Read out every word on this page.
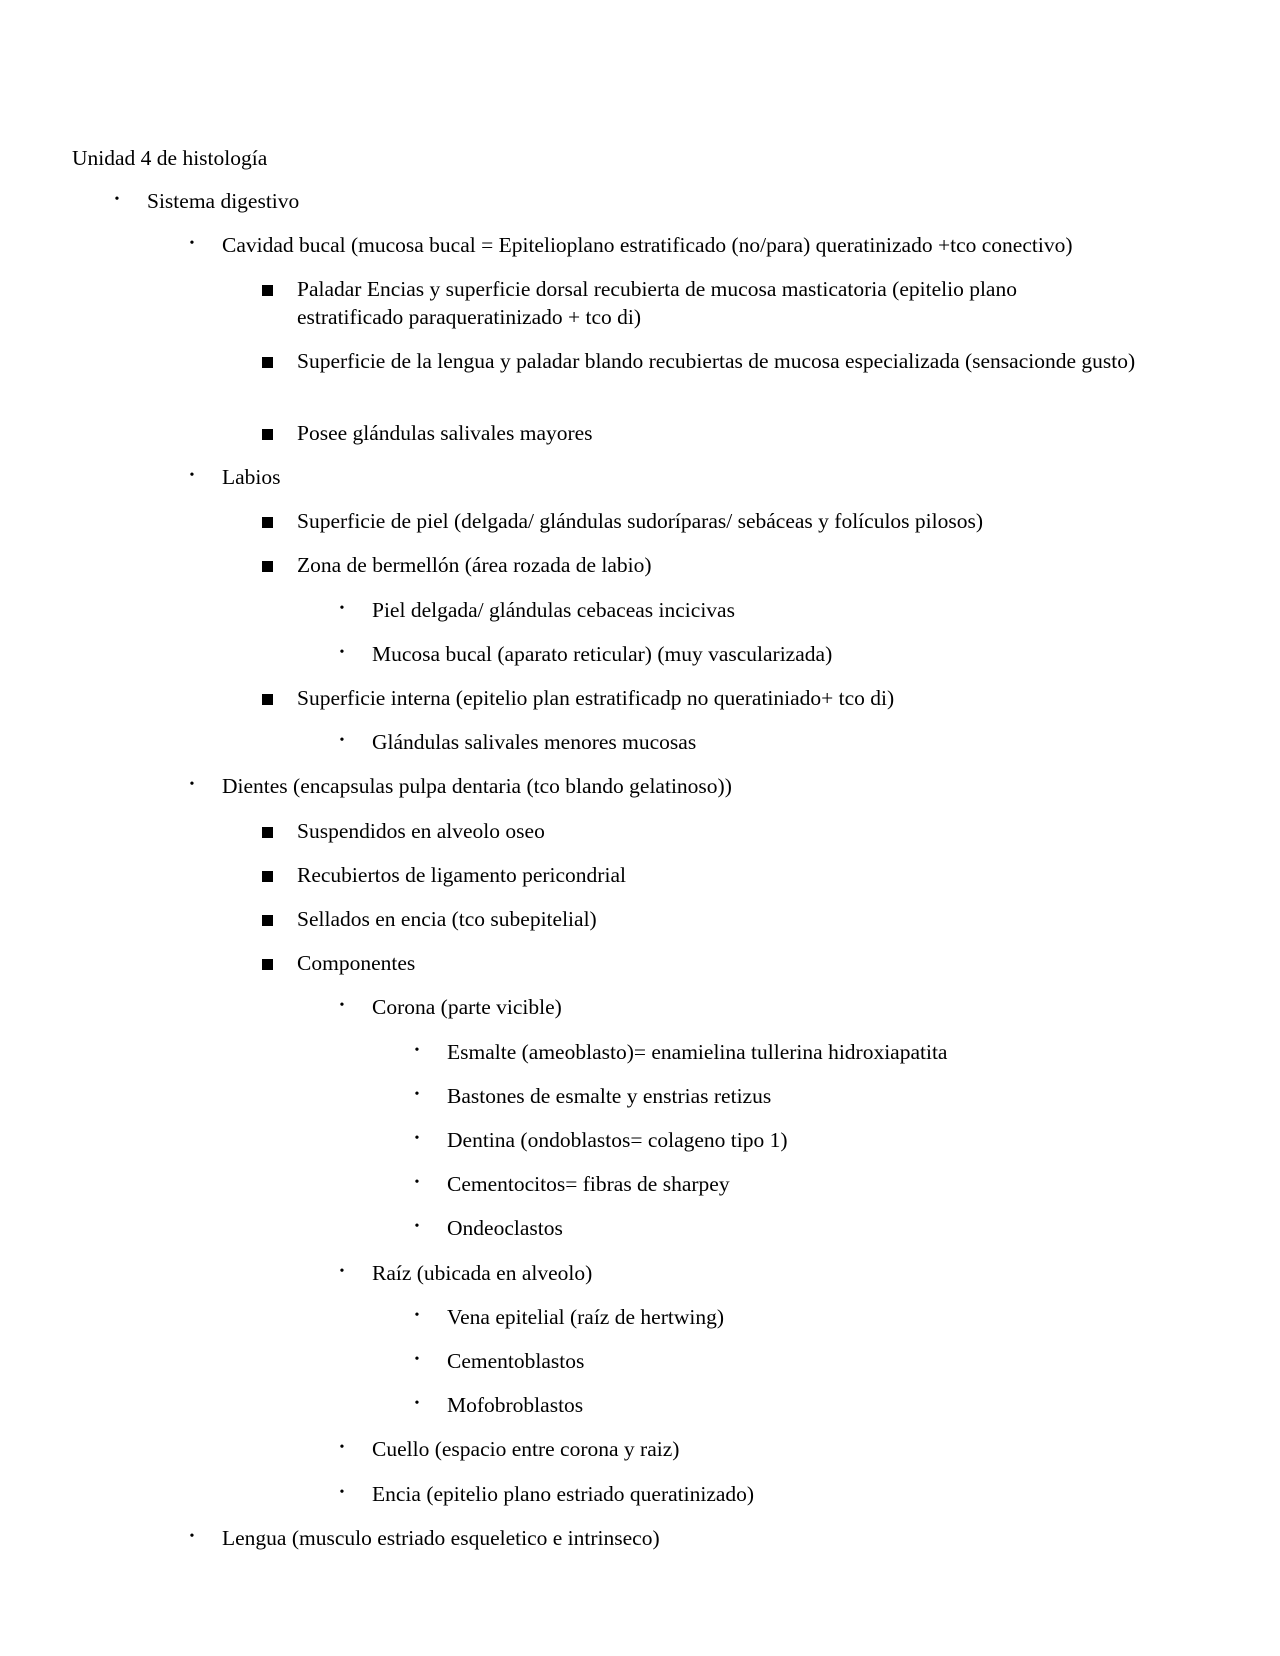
Unidad 4 de histología
•	Sistema digestivo
•	Cavidad bucal (mucosa bucal = Epitelioplano estratificado (no/para) queratinizado +tco conectivo)
Paladar Encias y superficie dorsal recubierta de mucosa masticatoria (epitelio plano estratificado paraqueratinizado + tco di)
Superficie de la lengua y paladar blando recubiertas de mucosa especializada (sensacionde gusto)
Posee glándulas salivales mayores
•	Labios
Superficie de piel (delgada/ glándulas sudoríparas/ sebáceas y folículos pilosos)
Zona de bermellón (área rozada de labio)
•	Piel delgada/ glándulas cebaceas incicivas
•	Mucosa bucal (aparato reticular) (muy vascularizada)
Superficie interna (epitelio plan estratificadp no queratiniado+ tco di)
•	Glándulas salivales menores mucosas
•	Dientes (encapsulas pulpa dentaria (tco blando gelatinoso))
Suspendidos en alveolo oseo
Recubiertos de ligamento pericondrial
Sellados en encia (tco subepitelial)
Componentes
•	Corona (parte vicible)
•	Esmalte (ameoblasto)= enamielina tullerina hidroxiapatita
•	Bastones de esmalte y enstrias retizus
•	Dentina (ondoblastos= colageno tipo 1)
•	Cementocitos= fibras de sharpey
•	Ondeoclastos
•	Raíz (ubicada en alveolo)
•	Vena epitelial (raíz de hertwing)
•	Cementoblastos
•	Mofobroblastos
•	Cuello (espacio entre corona y raiz)
•	Encia (epitelio plano estriado queratinizado)
•	Lengua (musculo estriado esqueletico e intrinseco)
